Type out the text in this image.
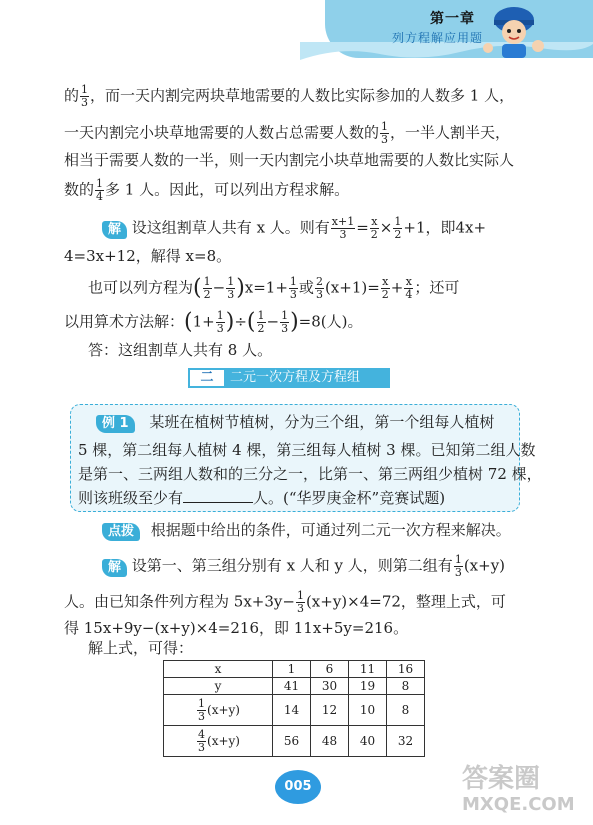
第一章
列方程解应用题
的 $\frac{1}{3}$ ，而一天内割完两块草地需要的人数比实际参加的人数多 1 人，
一天内割完小块草地需要的人数占总需要人数的 $\frac{1}{3}$ ，一半人割半天，
相当于需要人数的一半，则一天内割完小块草地需要的人数比实际人
数的 $\frac{1}{4}$ 多 1 人。因此，可以列出方程求解。
解 设这组割草人共有 x 人。则有 $\frac{x+1}{3} = \frac{x}{2} \times \frac{1}{2} +1$，即4x+
4=3x+12，解得 x=8。
也可以列方程为( $\frac{1}{2} - \frac{1}{3} )x=1+ \frac{1}{3}$ 或 $\frac{2}{3} (x+1)= \frac{x}{2} + \frac{x}{4}$ ；还可
以用算术方法解：($1+ \frac{1}{3}$ )÷( $\frac{1}{2} - \frac{1}{3} )=8$(人)。
答：这组割草人共有 8 人。
二 二元一次方程及方程组
例 1 某班在植树节植树，分为三个组，第一个组每人植树
5 棵，第二组每人植树 4 棵，第三组每人植树 3 棵。已知第二组人数
是第一、三两组人数和的三分之一，比第一、第三两组少植树 72 棵，
则该班级至少有	人。(“华罗庚金杯”竞赛试题)
点拨 根据题中给出的条件，可通过列二元一次方程来解决。
解 设第一、第三组分别有 x 人和 y 人，则第二组有 $\frac{1}{3} (x+y)$
人。由已知条件列方程为 $5x+3y- \frac{1}{3} (x+y)\times 4=72$，整理上式，可
得 15x+9y−(x+y)×4=216，即 11x+5y=216。
解上式，可得：
x	1	6	11	16
y	41	30	19	8

$\frac{1}{3} (x+y)$	14	12	10	8

$\frac{4}{3} (x+y)$	56	48	40	32
005	答案圈
MXQE.COM
